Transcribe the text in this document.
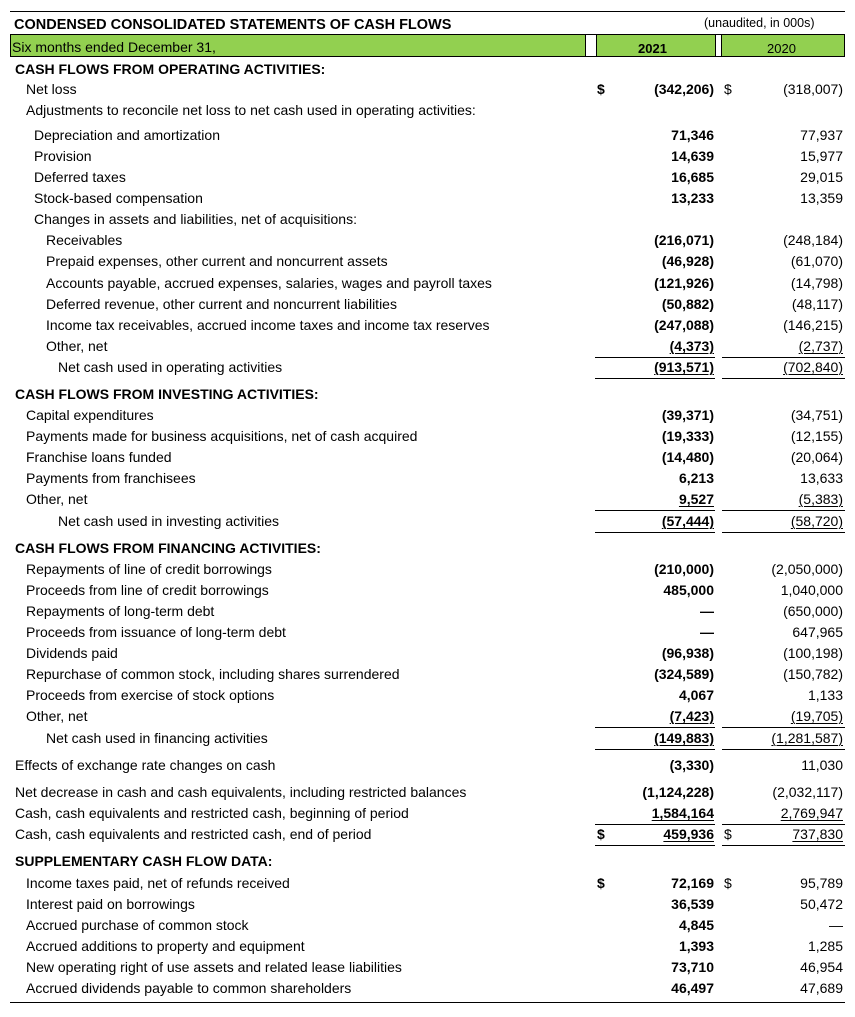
CONDENSED CONSOLIDATED STATEMENTS OF CASH FLOWS	(unaudited, in 000s)
Six months ended December 31,	2021	2020
CASH FLOWS FROM OPERATING ACTIVITIES:
Net loss	$	(342,206) $	(318,007)
Adjustments to reconcile net loss to net cash used in operating activities:
Depreciation and amortization	71,346	77,937
Provision	14,639	15,977
Deferred taxes	16,685	29,015
Stock-based compensation	13,233	13,359
Changes in assets and liabilities, net of acquisitions:
Receivables	(216,071)	(248,184)
Prepaid expenses, other current and noncurrent assets	(46,928)	(61,070)
Accounts payable, accrued expenses, salaries, wages and payroll taxes	(121,926)	(14,798)
Deferred revenue, other current and noncurrent liabilities	(50,882)	(48,117)
Income tax receivables, accrued income taxes and income tax reserves	(247,088)	(146,215)
Other, net	(4,373)	(2,737)
Net cash used in operating activities	(913,571)	(702,840)
CASH FLOWS FROM INVESTING ACTIVITIES:
Capital expenditures	(39,371)	(34,751)
Payments made for business acquisitions, net of cash acquired	(19,333)	(12,155)
Franchise loans funded	(14,480)	(20,064)
Payments from franchisees	6,213	13,633
Other, net	9,527	(5,383)
Net cash used in investing activities	(57,444)	(58,720)
CASH FLOWS FROM FINANCING ACTIVITIES:
Repayments of line of credit borrowings	(210,000)	(2,050,000)
Proceeds from line of credit borrowings	485,000	1,040,000
Repayments of long-term debt	—	(650,000)
Proceeds from issuance of long-term debt	—	647,965
Dividends paid	(96,938)	(100,198)
Repurchase of common stock, including shares surrendered	(324,589)	(150,782)
Proceeds from exercise of stock options	4,067	1,133
Other, net	(7,423)	(19,705)
Net cash used in financing activities	(149,883)	(1,281,587)
Effects of exchange rate changes on cash	(3,330)	11,030
Net decrease in cash and cash equivalents, including restricted balances	(1,124,228)	(2,032,117)
Cash, cash equivalents and restricted cash, beginning of period	1,584,164	2,769,947
Cash, cash equivalents and restricted cash, end of period	$	459,936 $	737,830
SUPPLEMENTARY CASH FLOW DATA:
Income taxes paid, net of refunds received	$	72,169 $	95,789
Interest paid on borrowings	36,539	50,472
Accrued purchase of common stock	4,845	—
Accrued additions to property and equipment	1,393	1,285
New operating right of use assets and related lease liabilities	73,710	46,954
Accrued dividends payable to common shareholders	46,497	47,689
